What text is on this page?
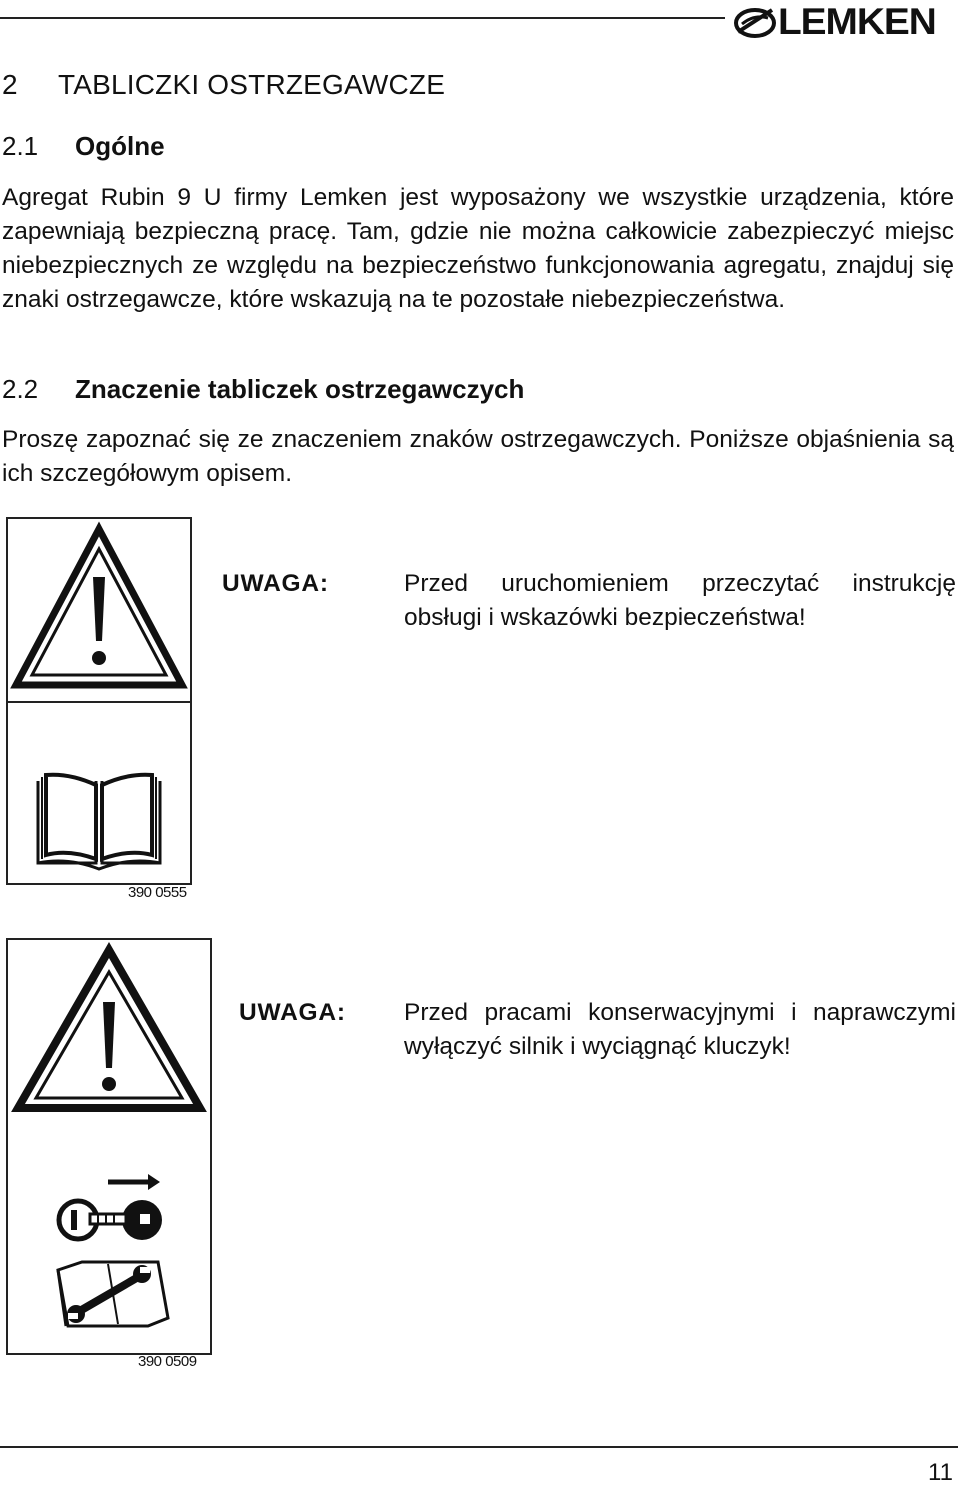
LEMKEN
2 TABLICZKI OSTRZEGAWCZE
2.1 Ogólne
Agregat Rubin 9 U firmy Lemken jest wyposażony we wszystkie urządzenia, które zapewniają bezpieczną pracę. Tam, gdzie nie można całkowicie zabezpieczyć miejsc niebezpiecznych ze względu na bezpieczeństwo funkcjonowania agregatu, znajduj się znaki ostrzegawcze, które wskazują na te pozostałe niebezpieczeństwa.
2.2 Znaczenie tabliczek ostrzegawczych
Proszę zapoznać się ze znaczeniem znaków ostrzegawczych. Poniższe objaśnienia są ich szczegółowym opisem.
390 0555
UWAGA:	Przed uruchomieniem przeczytać instrukcję obsługi i wskazówki bezpieczeństwa!
390 0509
UWAGA: Przed pracami konserwacyjnymi i naprawczymi wyłączyć silnik i wyciągnąć kluczyk!
11
